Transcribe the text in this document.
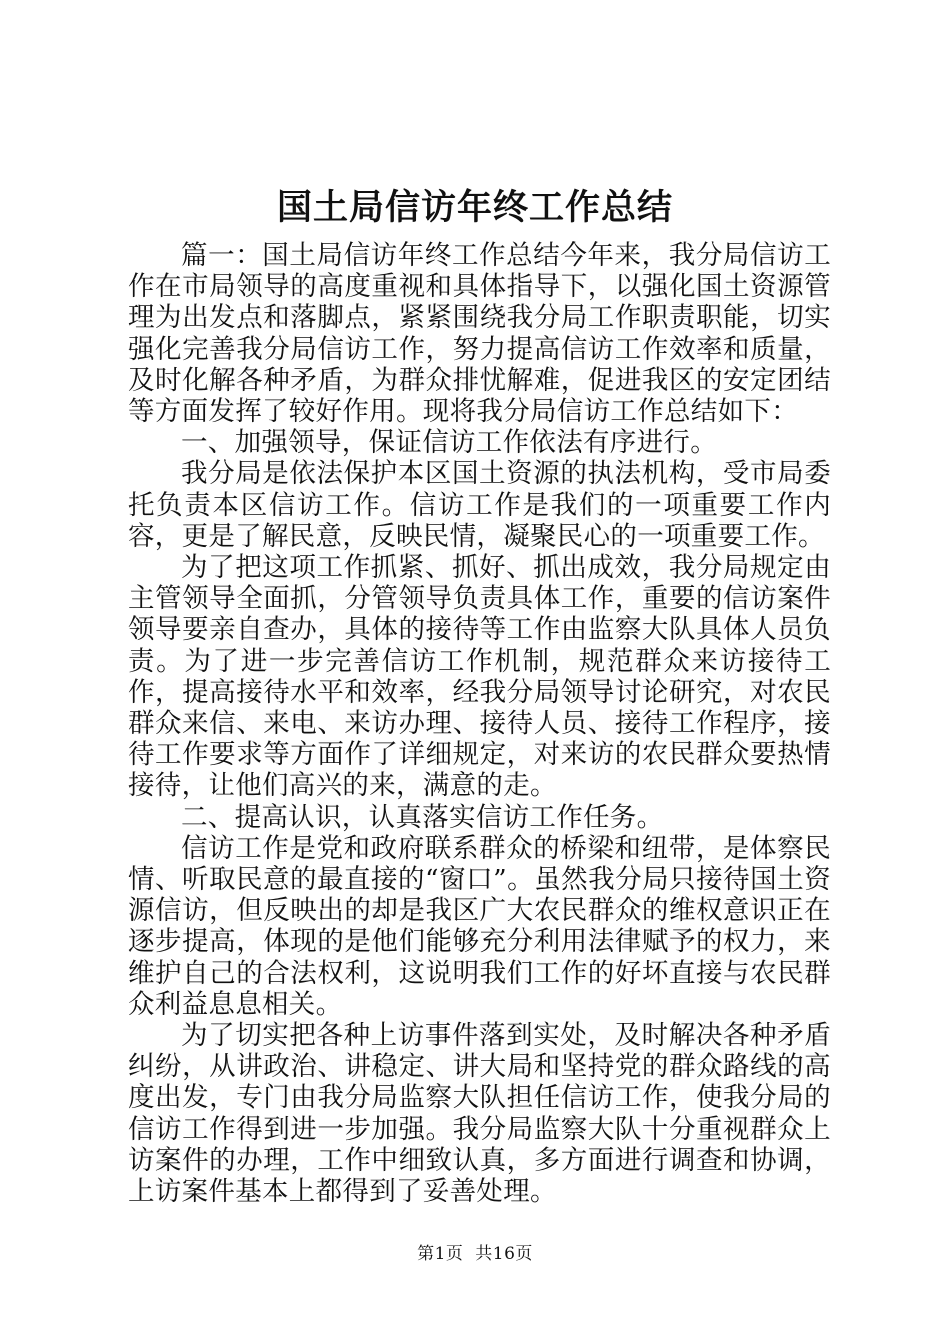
国土局信访年终工作总结

篇一：国土局信访年终工作总结今年来，我分局信访工作在市局领导的高度重视和具体指导下，以强化国土资源管理为出发点和落脚点，紧紧围绕我分局工作职责职能，切实强化完善我分局信访工作，努力提高信访工作效率和质量，及时化解各种矛盾，为群众排忧解难，促进我区的安定团结等方面发挥了较好作用。现将我分局信访工作总结如下：

一、加强领导，保证信访工作依法有序进行。

我分局是依法保护本区国土资源的执法机构，受市局委托负责本区信访工作。信访工作是我们的一项重要工作内容，更是了解民意，反映民情，凝聚民心的一项重要工作。

为了把这项工作抓紧、抓好、抓出成效，我分局规定由主管领导全面抓，分管领导负责具体工作，重要的信访案件领导要亲自查办，具体的接待等工作由监察大队具体人员负责。为了进一步完善信访工作机制，规范群众来访接待工作，提高接待水平和效率，经我分局领导讨论研究，对农民群众来信、来电、来访办理、接待人员、接待工作程序，接待工作要求等方面作了详细规定，对来访的农民群众要热情接待，让他们高兴的来，满意的走。

二、提高认识，认真落实信访工作任务。

信访工作是党和政府联系群众的桥梁和纽带，是体察民情、听取民意的最直接的“窗口”。虽然我分局只接待国土资源信访，但反映出的却是我区广大农民群众的维权意识正在逐步提高，体现的是他们能够充分利用法律赋予的权力，来维护自己的合法权利，这说明我们工作的好坏直接与农民群众利益息息相关。

为了切实把各种上访事件落到实处，及时解决各种矛盾纠纷，从讲政治、讲稳定、讲大局和坚持党的群众路线的高度出发，专门由我分局监察大队担任信访工作，使我分局的信访工作得到进一步加强。我分局监察大队十分重视群众上访案件的办理，工作中细致认真，多方面进行调查和协调，上访案件基本上都得到了妥善处理。

第1页 共16页
